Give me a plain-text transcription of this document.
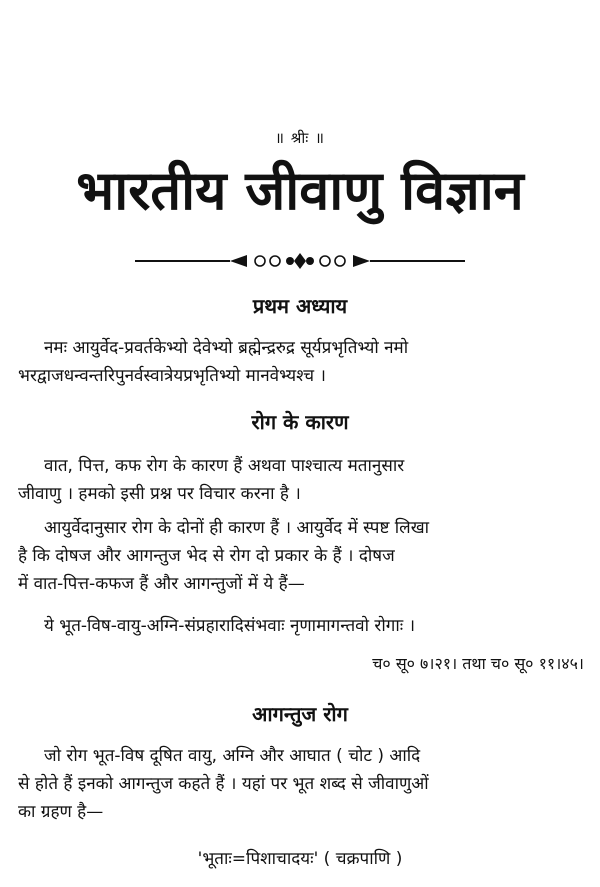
॥ श्रीः ॥
भारतीय जीवाणु विज्ञान
प्रथम अध्याय
नमः आयुर्वेद-प्रवर्तकेभ्यो देवेभ्यो ब्रह्मेन्द्ररुद्र सूर्यप्रभृतिभ्यो नमो
भरद्वाजधन्वन्तरिपुनर्वस्वात्रेयप्रभृतिभ्यो मानवेभ्यश्च ।
रोग के कारण
वात, पित्त, कफ रोग के कारण हैं अथवा पाश्चात्य मतानुसार
जीवाणु । हमको इसी प्रश्न पर विचार करना है ।
आयुर्वेदानुसार रोग के दोनों ही कारण हैं । आयुर्वेद में स्पष्ट लिखा
है कि दोषज और आगन्तुज भेद से रोग दो प्रकार के हैं । दोषज
में वात-पित्त-कफज हैं और आगन्तुजों में ये हैं—
ये भूत-विष-वायु-अग्नि-संप्रहारादिसंभवाः नृणामागन्तवो रोगाः ।
च० सू० ७।२१। तथा च० सू० ११।४५।
आगन्तुज रोग
जो रोग भूत-विष दूषित वायु, अग्नि और आघात ( चोट ) आदि
से होते हैं इनको आगन्तुज कहते हैं । यहां पर भूत शब्द से जीवाणुओं
का ग्रहण है—
'भूताः=पिशाचादयः' ( चक्रपाणि )
